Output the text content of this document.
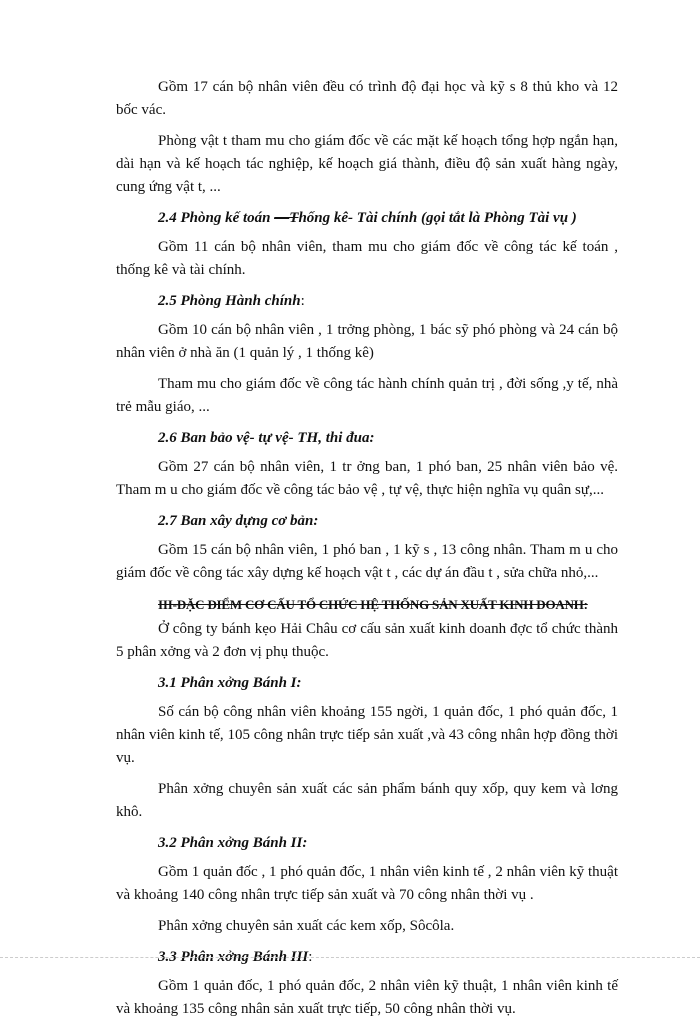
Gồm 17 cán bộ nhân viên đều có trình độ đại học và kỹ s 8 thủ kho và 12 bốc vác.

Phòng vật t tham mu cho giám đốc về các mặt kế hoạch tổng hợp ngắn hạn, dài hạn và kế hoạch tác nghiệp, kế hoạch giá thành, điều độ sản xuất hàng ngày, cung ứng vật t, ...

2.4 Phòng kế toán —Thống kê- Tài chính (gọi tắt là Phòng Tài vụ )

Gồm 11 cán bộ nhân viên, tham mu cho giám đốc về công tác kế toán , thống kê và tài chính.

2.5 Phòng Hành chính:

Gồm 10 cán bộ nhân viên , 1 trởng phòng, 1 bác sỹ phó phòng và 24 cán bộ nhân viên ở nhà ăn (1 quản lý , 1 thống kê)

Tham mu cho giám đốc về công tác hành chính quản trị , đời sống ,y tế, nhà trẻ mẫu giáo, ...

2.6 Ban bảo vệ- tự vệ- TH, thi đua:

Gồm 27 cán bộ nhân viên, 1 tr ởng ban, 1 phó ban, 25 nhân viên bảo vệ. Tham m u cho giám đốc về công tác bảo vệ , tự vệ, thực hiện nghĩa vụ quân sự,...

2.7 Ban xây dựng cơ bản:

Gồm 15 cán bộ nhân viên, 1 phó ban , 1 kỹ s , 13 công nhân. Tham m u cho giám đốc về công tác xây dựng kế hoạch vật t , các dự án đầu t , sửa chữa nhỏ,...

III-ĐẶC ĐIỂM CƠ CẤU TỔ CHỨC HỆ THỐNG SẢN XUẤT KINH DOANH:

Ở công ty bánh kẹo Hải Châu cơ cấu sản xuất kinh doanh đợc tổ chức thành 5 phân xởng và 2 đơn vị phụ thuộc.

3.1 Phân xởng Bánh I:

Số cán bộ công nhân viên khoảng 155 ngời, 1 quản đốc, 1 phó quản đốc, 1 nhân viên kinh tế, 105 công nhân trực tiếp sản xuất ,và 43 công nhân hợp đồng thời vụ.

Phân xởng chuyên sản xuất các sản phẩm bánh quy xốp, quy kem và lơng khô.

3.2 Phân xởng Bánh II:

Gồm 1 quản đốc , 1 phó quản đốc, 1 nhân viên kinh tế , 2 nhân viên kỹ thuật và khoảng 140 công nhân trực tiếp sản xuất và 70 công nhân thời vụ .

Phân xởng chuyên sản xuất các kem xốp, Sôcôla.

3.3 Phân xởng Bánh III:

Gồm 1 quản đốc, 1 phó quản đốc, 2 nhân viên kỹ thuật, 1 nhân viên kinh tế và khoảng 135 công nhân sản xuất trực tiếp, 50 công nhân thời vụ.
